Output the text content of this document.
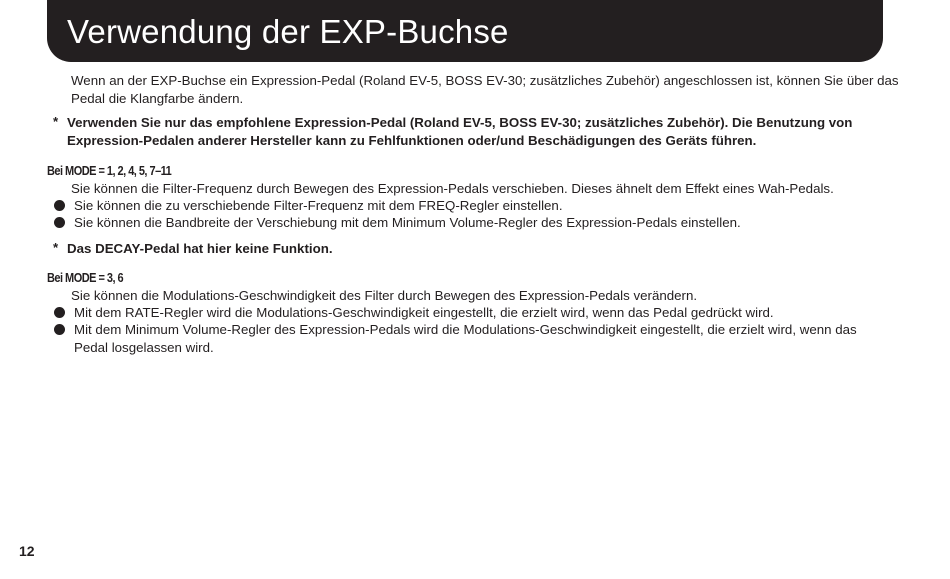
Verwendung der EXP-Buchse

Wenn an der EXP-Buchse ein Expression-Pedal (Roland EV-5, BOSS EV-30; zusätzliches Zubehör) angeschlossen ist, können Sie über das

Pedal die Klangfarbe ändern.

* Verwenden Sie nur das empfohlene Expression-Pedal (Roland EV-5, BOSS EV-30; zusätzliches Zubehör). Die Benutzung von

Expression-Pedalen anderer Hersteller kann zu Fehlfunktionen oder/und Beschädigungen des Geräts führen.

Bei MODE = 1, 2, 4, 5, 7–11

Sie können die Filter-Frequenz durch Bewegen des Expression-Pedals verschieben. Dieses ähnelt dem Effekt eines Wah-Pedals.

Sie können die zu verschiebende Filter-Frequenz mit dem FREQ-Regler einstellen.

Sie können die Bandbreite der Verschiebung mit dem Minimum Volume-Regler des Expression-Pedals einstellen.

* Das DECAY-Pedal hat hier keine Funktion.

Bei MODE = 3, 6

Sie können die Modulations-Geschwindigkeit des Filter durch Bewegen des Expression-Pedals verändern.

Mit dem RATE-Regler wird die Modulations-Geschwindigkeit eingestellt, die erzielt wird, wenn das Pedal gedrückt wird.

Mit dem Minimum Volume-Regler des Expression-Pedals wird die Modulations-Geschwindigkeit eingestellt, die erzielt wird, wenn das

Pedal losgelassen wird.

12
